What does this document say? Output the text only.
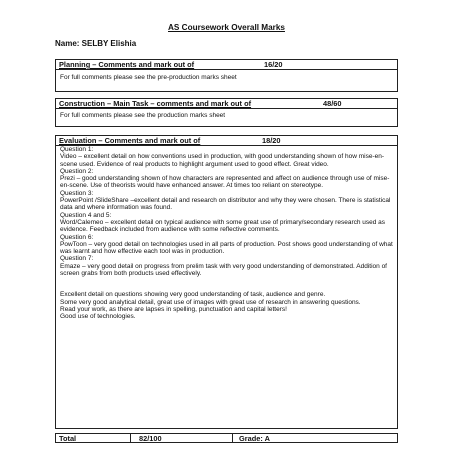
AS Coursework Overall Marks
Name: SELBY Elishia
Planning – Comments and mark out of	16/20
For full comments please see the pre-production marks sheet
Construction – Main Task – comments and mark out of	48/60
For full comments please see the production marks sheet
Evaluation – Comments and mark out of	18/20
Question 1:
Video – excellent detail on how conventions used in production, with good understanding shown of how mise-en-scene used. Evidence of real products to highlight argument used to good effect. Great video.
Question 2:
Prezi – good understanding shown of how characters are represented and affect on audience through use of mise-en-scene. Use of theorists would have enhanced answer. At times too reliant on stereotype.
Question 3:
PowerPoint /SlideShare –excellent detail and research on distributor and why they were chosen. There is statistical data and where information was found.
Question 4 and 5:
Word/Calemeo – excellent detail on typical audience with some great use of primary/secondary research used as evidence. Feedback included from audience with some reflective comments.
Question 6:
PowToon – very good detail on technologies used in all parts of production. Post shows good understanding of what was learnt and how effective each tool was in production.
Question 7:
Emaze – very good detail on progress from prelim task with very good understanding of demonstrated. Addition of screen grabs from both products used effectively.
Excellent detail on questions showing very good understanding of task, audience and genre.
Some very good analytical detail, great use of images with great use of research in answering questions.
Read your work, as there are lapses in spelling, punctuation and capital letters!
Good use of technologies.
Total	82/100	Grade: A
